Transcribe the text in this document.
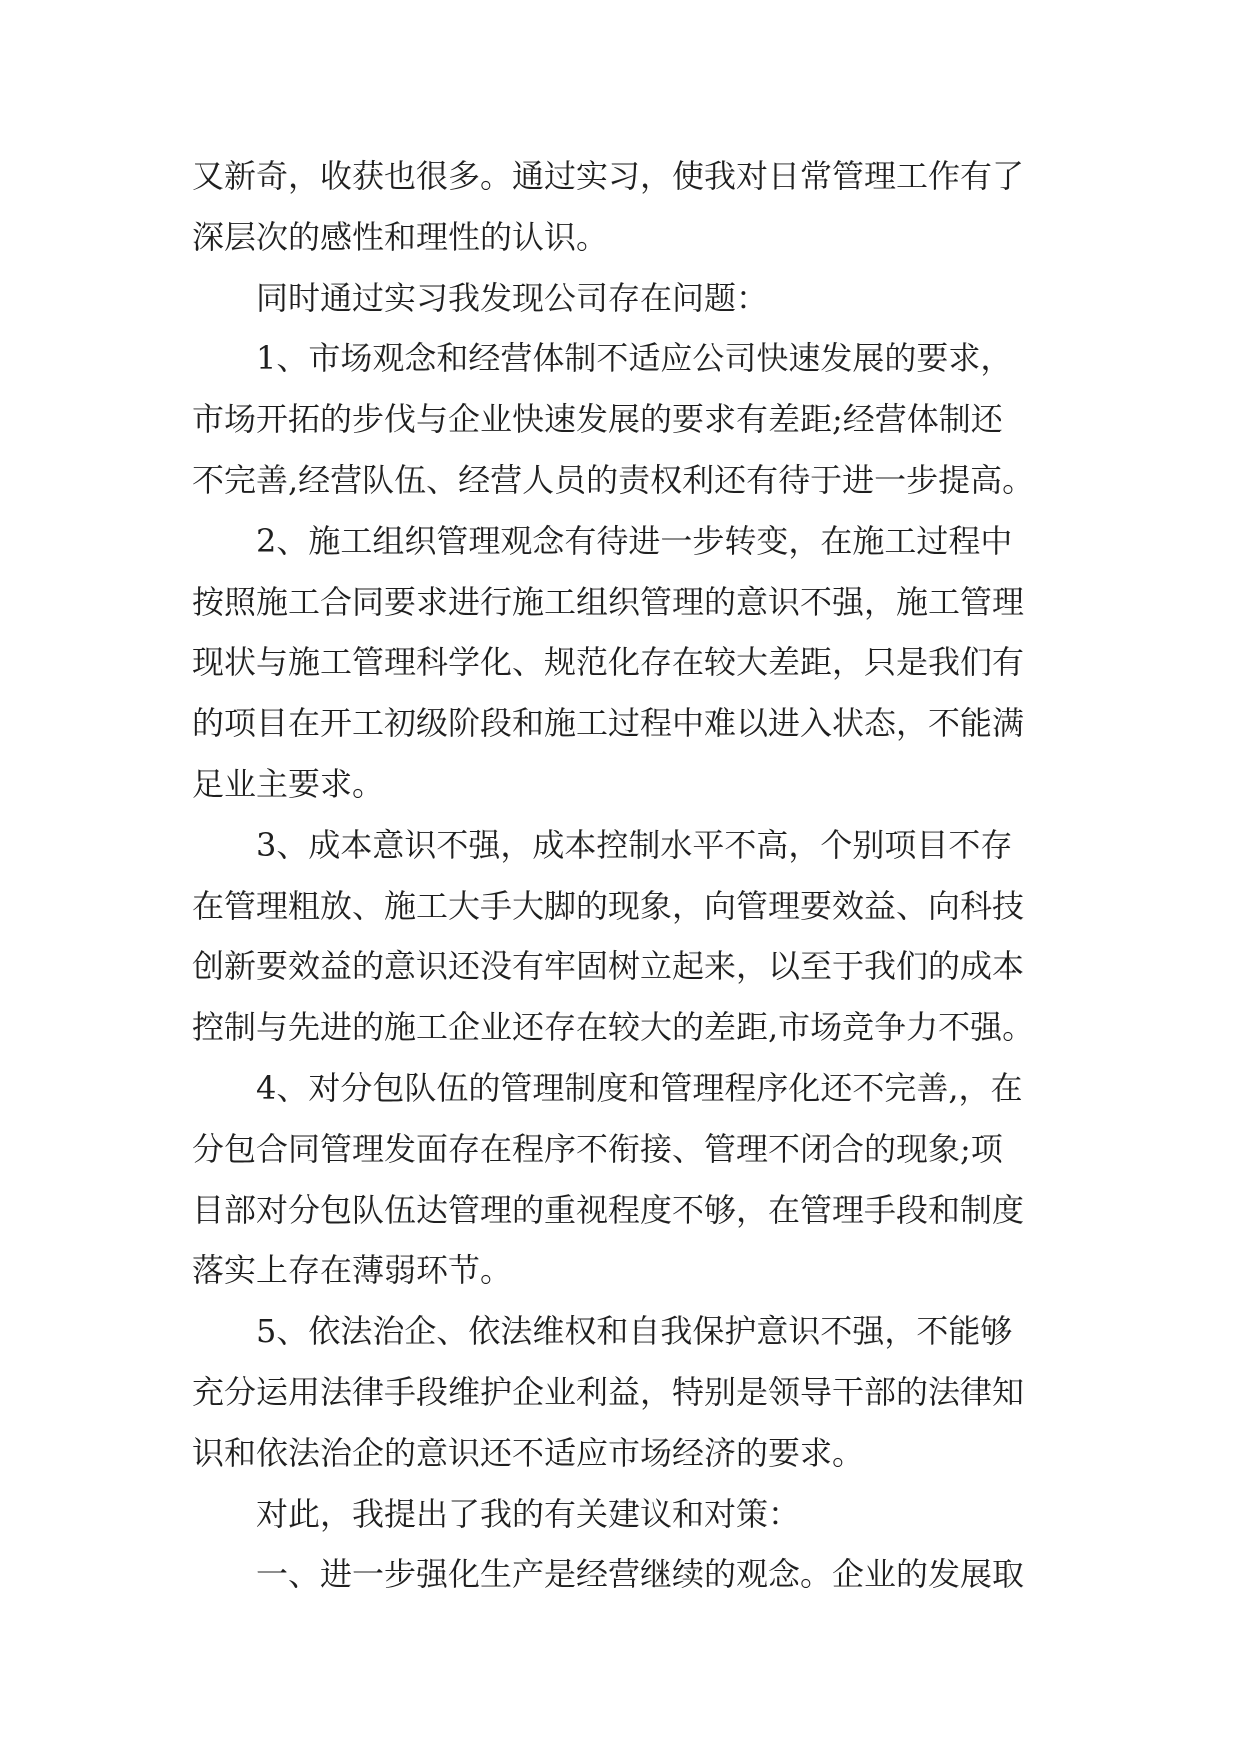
又新奇，收获也很多。通过实习，使我对日常管理工作有了
深层次的感性和理性的认识。

同时通过实习我发现公司存在问题：

1、市场观念和经营体制不适应公司快速发展的要求，
市场开拓的步伐与企业快速发展的要求有差距;经营体制还
不完善,经营队伍、经营人员的责权利还有待于进一步提高。

2、施工组织管理观念有待进一步转变，在施工过程中
按照施工合同要求进行施工组织管理的意识不强，施工管理
现状与施工管理科学化、规范化存在较大差距，只是我们有
的项目在开工初级阶段和施工过程中难以进入状态，不能满
足业主要求。

3、成本意识不强，成本控制水平不高，个别项目不存
在管理粗放、施工大手大脚的现象，向管理要效益、向科技
创新要效益的意识还没有牢固树立起来，以至于我们的成本
控制与先进的施工企业还存在较大的差距,市场竞争力不强。

4、对分包队伍的管理制度和管理程序化还不完善,，在
分包合同管理发面存在程序不衔接、管理不闭合的现象;项
目部对分包队伍达管理的重视程度不够，在管理手段和制度
落实上存在薄弱环节。

5、依法治企、依法维权和自我保护意识不强，不能够
充分运用法律手段维护企业利益，特别是领导干部的法律知
识和依法治企的意识还不适应市场经济的要求。

对此，我提出了我的有关建议和对策：

一、进一步强化生产是经营继续的观念。企业的发展取
